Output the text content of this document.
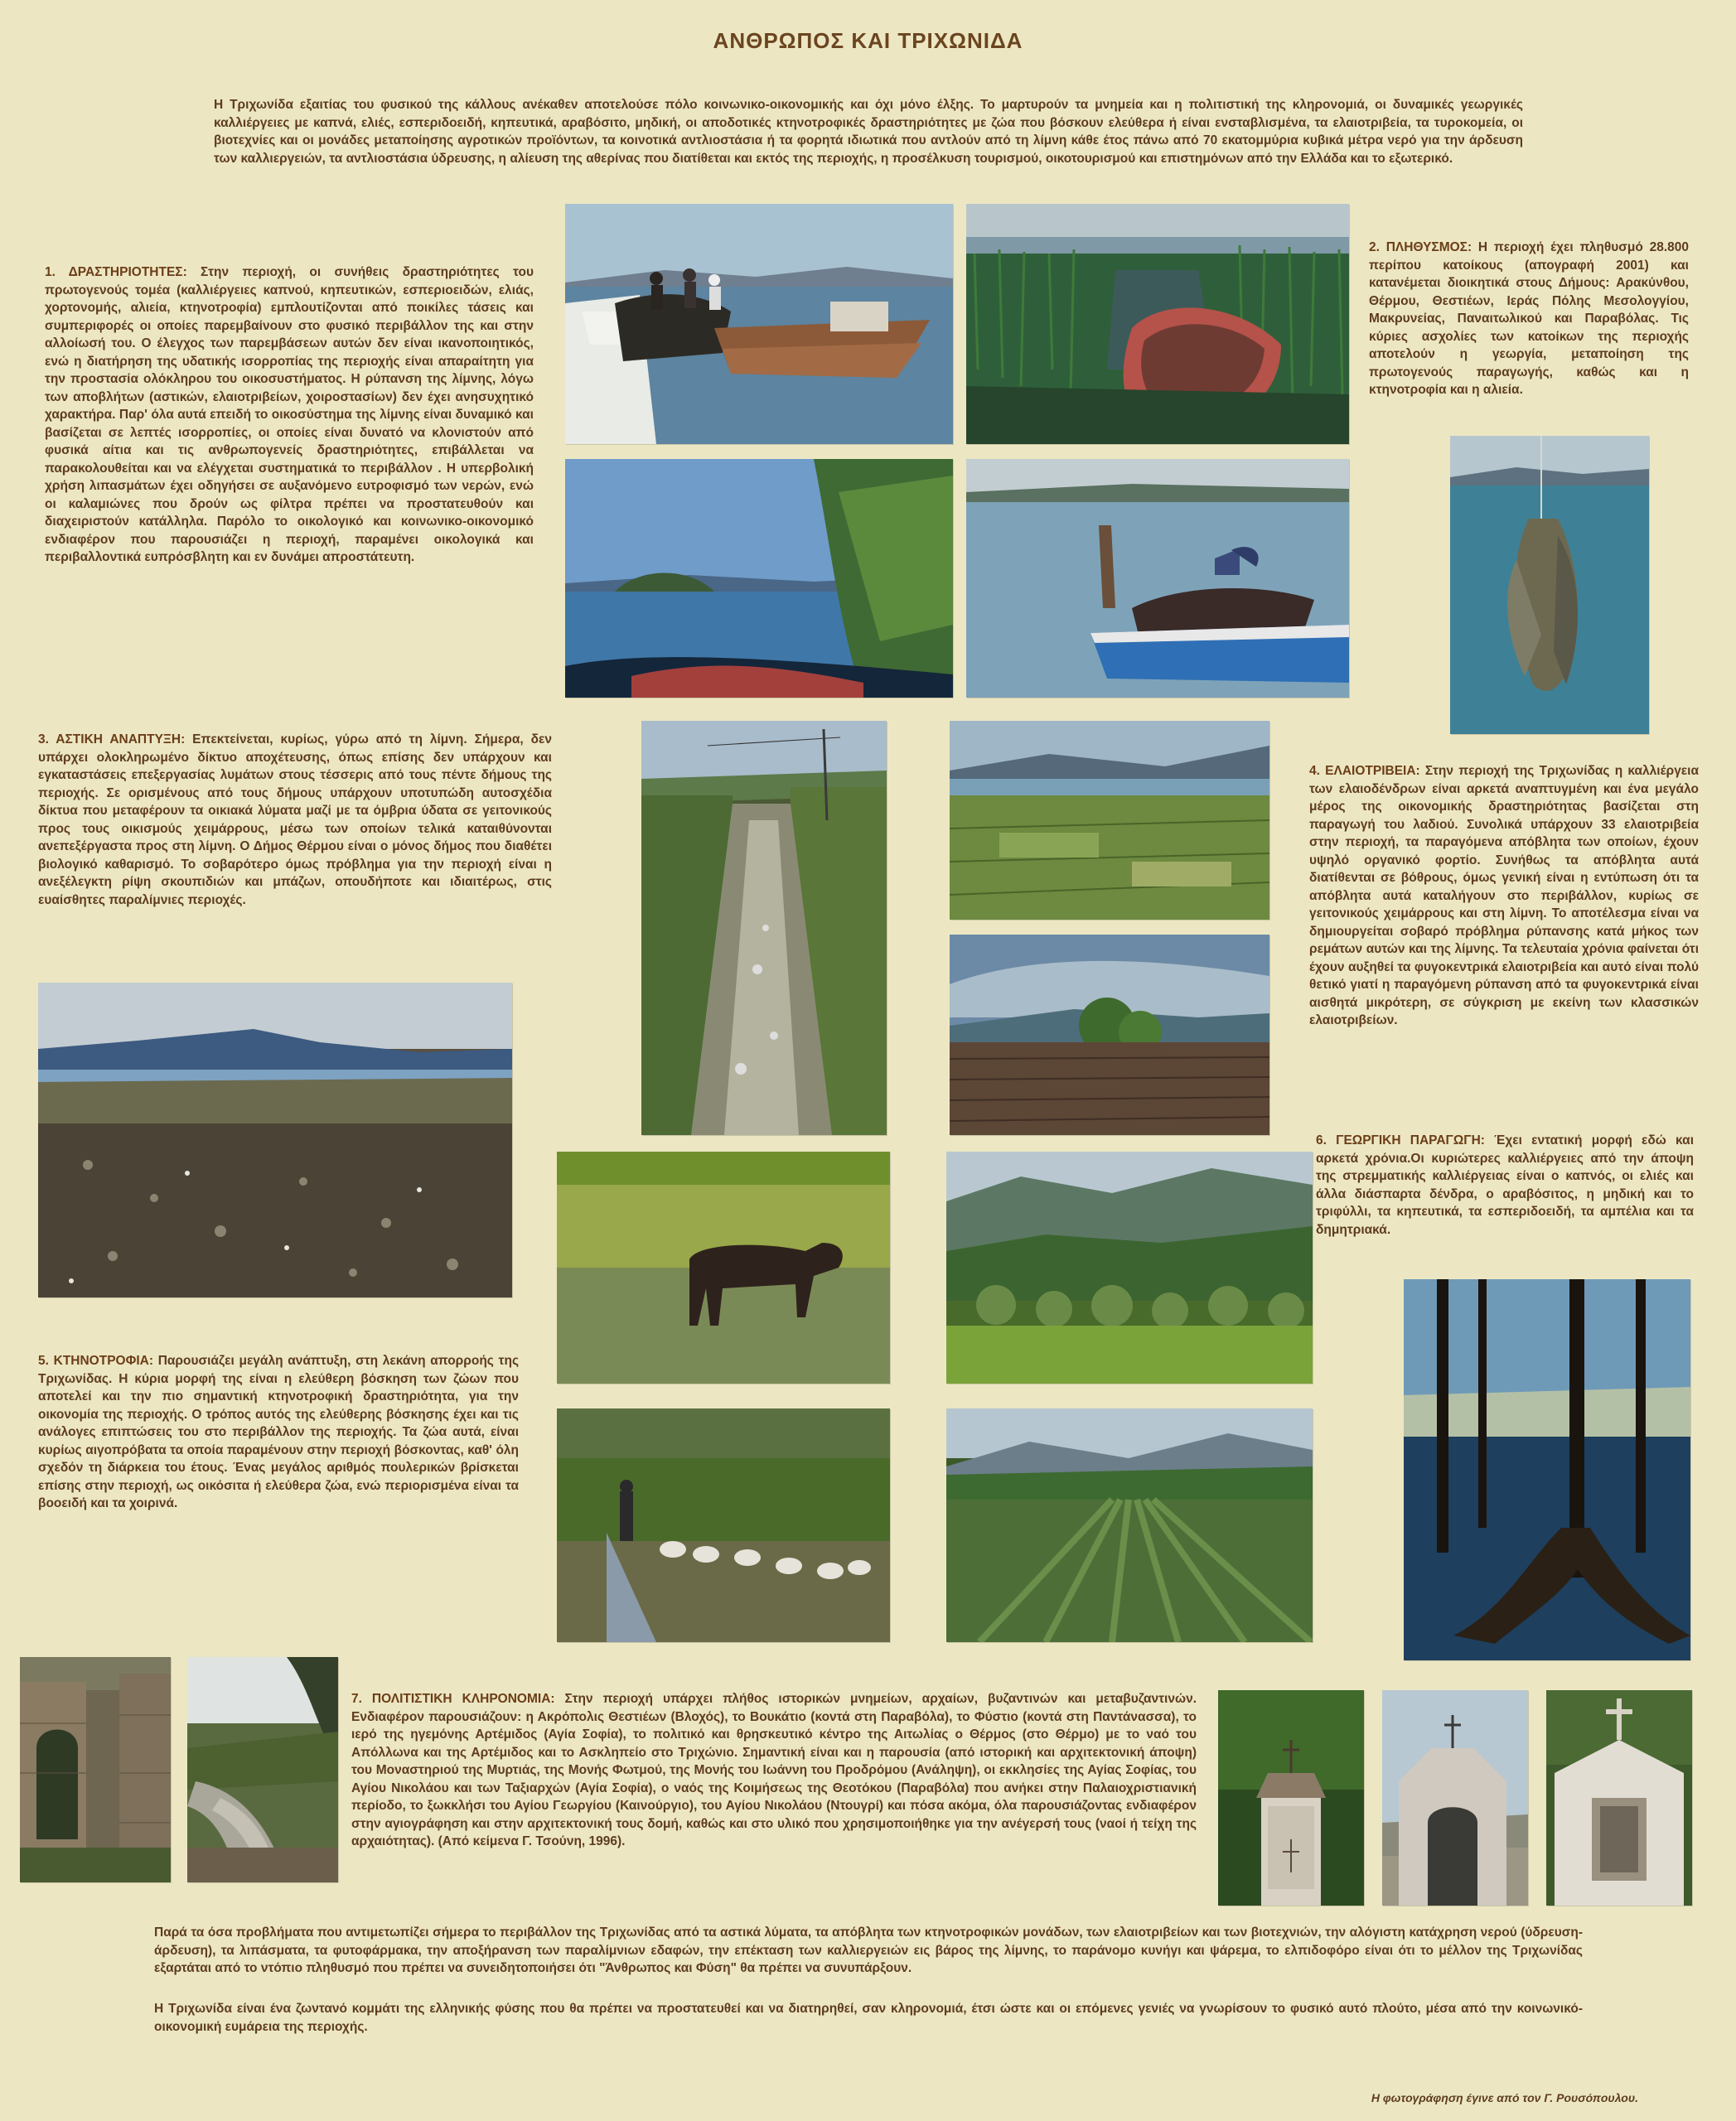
ΑΝΘΡΩΠΟΣ ΚΑΙ ΤΡΙΧΩΝΙΔΑ
Η Τριχωνίδα εξαιτίας του φυσικού της κάλλους ανέκαθεν αποτελούσε πόλο κοινωνικο-οικονομικής και όχι μόνο έλξης. Το μαρτυρούν τα μνημεία και η πολιτιστική της κληρονομιά, οι δυναμικές γεωργικές καλλιέργειες με καπνά, ελιές, εσπεριδοειδή, κηπευτικά, αραβόσιτο, μηδική, οι αποδοτικές κτηνοτροφικές δραστηριότητες με ζώα που βόσκουν ελεύθερα ή είναι ενσταβλισμένα, τα ελαιοτριβεία, τα τυροκομεία, οι βιοτεχνίες και οι μονάδες μεταποίησης αγροτικών προϊόντων, τα κοινοτικά αντλιοστάσια ή τα φορητά ιδιωτικά που αντλούν από τη λίμνη κάθε έτος πάνω από 70 εκατομμύρια κυβικά μέτρα νερό για την άρδευση των καλλιεργειών, τα αντλιοστάσια ύδρευσης, η αλίευση της αθερίνας που διατίθεται και εκτός της περιοχής, η προσέλκυση τουρισμού, οικοτουρισμού και επιστημόνων από την Ελλάδα και το εξωτερικό.
1. ΔΡΑΣΤΗΡΙΟΤΗΤΕΣ: Στην περιοχή, οι συνήθεις δραστηριότητες του πρωτογενούς τομέα (καλλιέργειες καπνού, κηπευτικών, εσπεριοειδών, ελιάς, χορτονομής, αλιεία, κτηνοτροφία) εμπλουτίζονται από ποικίλες τάσεις και συμπεριφορές οι οποίες παρεμβαίνουν στο φυσικό περιβάλλον της και στην αλλοίωσή του. Ο έλεγχος των παρεμβάσεων αυτών δεν είναι ικανοποιητικός, ενώ η διατήρηση της υδατικής ισορροπίας της περιοχής είναι απαραίτητη για την προστασία ολόκληρου του οικοσυστήματος. Η ρύπανση της λίμνης, λόγω των αποβλήτων (αστικών, ελαιοτριβείων, χοιροστασίων) δεν έχει ανησυχητικό χαρακτήρα. Παρ' όλα αυτά επειδή το οικοσύστημα της λίμνης είναι δυναμικό και βασίζεται σε λεπτές ισορροπίες, οι οποίες είναι δυνατό να κλονιστούν από φυσικά αίτια και τις ανθρωπογενείς δραστηριότητες, επιβάλλεται να παρακολουθείται και να ελέγχεται συστηματικά το περιβάλλον . Η υπερβολική χρήση λιπασμάτων έχει οδηγήσει σε αυξανόμενο ευτροφισμό των νερών, ενώ οι καλαμιώνες που δρούν ως φίλτρα πρέπει να προστατευθούν και διαχειριστούν κατάλληλα. Παρόλο το οικολογικό και κοινωνικο-οικονομικό ενδιαφέρον που παρουσιάζει η περιοχή, παραμένει οικολογικά και περιβαλλοντικά ευπρόσβλητη και εν δυνάμει απροστάτευτη.
2. ΠΛΗΘΥΣΜΟΣ: Η περιοχή έχει πληθυσμό 28.800 περίπου κατοίκους (απογραφή 2001) και κατανέμεται διοικητικά στους Δήμους: Αρακύνθου, Θέρμου, Θεστιέων, Ιεράς Πόλης Μεσολογγίου, Μακρυνείας, Παναιτωλικού και Παραβόλας. Τις κύριες ασχολίες των κατοίκων της περιοχής αποτελούν η γεωργία, μεταποίηση της πρωτογενούς παραγωγής, καθώς και η κτηνοτροφία και η αλιεία.
3. ΑΣΤΙΚΗ ΑΝΑΠΤΥΞΗ: Επεκτείνεται, κυρίως, γύρω από τη λίμνη. Σήμερα, δεν υπάρχει ολοκληρωμένο δίκτυο αποχέτευσης, όπως επίσης δεν υπάρχουν και εγκαταστάσεις επεξεργασίας λυμάτων στους τέσσερις από τους πέντε δήμους της περιοχής. Σε ορισμένους από τους δήμους υπάρχουν υποτυπώδη αυτοσχέδια δίκτυα που μεταφέρουν τα οικιακά λύματα μαζί με τα όμβρια ύδατα σε γειτονικούς προς τους οικισμούς χειμάρρους, μέσω των οποίων τελικά καταιθύνονται ανεπεξέργαστα προς στη λίμνη. Ο Δήμος Θέρμου είναι ο μόνος δήμος που διαθέτει βιολογικό καθαρισμό. Το σοβαρότερο όμως πρόβλημα για την περιοχή είναι η ανεξέλεγκτη ρίψη σκουπιδιών και μπάζων, οπουδήποτε και ιδιαιτέρως, στις ευαίσθητες παραλίμνιες περιοχές.
4. ΕΛΑΙΟΤΡΙΒΕΙΑ: Στην περιοχή της Τριχωνίδας η καλλιέργεια των ελαιοδένδρων είναι αρκετά αναπτυγμένη και ένα μεγάλο μέρος της οικονομικής δραστηριότητας βασίζεται στη παραγωγή του λαδιού. Συνολικά υπάρχουν 33 ελαιοτριβεία στην περιοχή, τα παραγόμενα απόβλητα των οποίων, έχουν υψηλό οργανικό φορτίο. Συνήθως τα απόβλητα αυτά διατίθενται σε βόθρους, όμως γενική είναι η εντύπωση ότι τα απόβλητα αυτά καταλήγουν στο περιβάλλον, κυρίως σε γειτονικούς χειμάρρους και στη λίμνη. Το αποτέλεσμα είναι να δημιουργείται σοβαρό πρόβλημα ρύπανσης κατά μήκος των ρεμάτων αυτών και της λίμνης. Τα τελευταία χρόνια φαίνεται ότι έχουν αυξηθεί τα φυγοκεντρικά ελαιοτριβεία και αυτό είναι πολύ θετικό γιατί η παραγόμενη ρύπανση από τα φυγοκεντρικά είναι αισθητά μικρότερη, σε σύγκριση με εκείνη των κλασσικών ελαιοτριβείων.
5. ΚΤΗΝΟΤΡΟΦΙΑ: Παρουσιάζει μεγάλη ανάπτυξη, στη λεκάνη απορροής της Τριχωνίδας. Η κύρια μορφή της είναι η ελεύθερη βόσκηση των ζώων που αποτελεί και την πιο σημαντική κτηνοτροφική δραστηριότητα, για την οικονομία της περιοχής. Ο τρόπος αυτός της ελεύθερης βόσκησης έχει και τις ανάλογες επιπτώσεις του στο περιβάλλον της περιοχής. Τα ζώα αυτά, είναι κυρίως αιγοπρόβατα τα οποία παραμένουν στην περιοχή βόσκοντας, καθ' όλη σχεδόν τη διάρκεια του έτους. Ένας μεγάλος αριθμός πουλερικών βρίσκεται επίσης στην περιοχή, ως οικόσιτα ή ελεύθερα ζώα, ενώ περιορισμένα είναι τα βοοειδή και τα χοιρινά.
6. ΓΕΩΡΓΙΚΗ ΠΑΡΑΓΩΓΗ: Έχει εντατική μορφή εδώ και αρκετά χρόνια.Οι κυριώτερες καλλιέργειες από την άποψη της στρεμματικής καλλιέργειας είναι ο καπνός, οι ελιές και άλλα διάσπαρτα δένδρα, ο αραβόσιτος, η μηδική και το τριφύλλι, τα κηπευτικά, τα εσπεριδοειδή, τα αμπέλια και τα δημητριακά.
7. ΠΟΛΙΤΙΣΤΙΚΗ ΚΛΗΡΟΝΟΜΙΑ: Στην περιοχή υπάρχει πλήθος ιστορικών μνημείων, αρχαίων, βυζαντινών και μεταβυζαντινών. Ενδιαφέρον παρουσιάζουν: η Ακρόπολις Θεστιέων (Βλοχός), το Βουκάτιο (κοντά στη Παραβόλα), το Φύστιο (κοντά στη Παντάνασσα), το ιερό της ηγεμόνης Αρτέμιδος (Αγία Σοφία), το πολιτικό και θρησκευτικό κέντρο της Αιτωλίας ο Θέρμος (στο Θέρμο) με το ναό του Απόλλωνα και της Αρτέμιδος και το Ασκληπείο στο Τριχώνιο. Σημαντική είναι και η παρουσία (από ιστορική και αρχιτεκτονική άποψη) του Μοναστηριού της Μυρτιάς, της Μονής Φωτμού, της Μονής του Ιωάννη του Προδρόμου (Ανάληψη), οι εκκλησίες της Αγίας Σοφίας, του Αγίου Νικολάου και των Ταξιαρχών (Αγία Σοφία), ο ναός της Κοιμήσεως της Θεοτόκου (Παραβόλα) που ανήκει στην Παλαιοχριστιανική περίοδο, το ξωκκλήσι του Αγίου Γεωργίου (Καινούργιο), του Αγίου Νικολάου (Ντουγρί) και πόσα ακόμα, όλα παρουσιάζοντας ενδιαφέρον στην αγιογράφηση και στην αρχιτεκτονική τους δομή, καθώς και στο υλικό που χρησιμοποιήθηκε για την ανέγερσή τους (ναοί ή τείχη της αρχαιότητας). (Από κείμενα Γ. Τσούνη, 1996).
Παρά τα όσα προβλήματα που αντιμετωπίζει σήμερα το περιβάλλον της Τριχωνίδας από τα αστικά λύματα, τα απόβλητα των κτηνοτροφικών μονάδων, των ελαιοτριβείων και των βιοτεχνιών, την αλόγιστη κατάχρηση νερού (ύδρευση-άρδευση), τα λιπάσματα, τα φυτοφάρμακα, την αποξήρανση των παραλίμνιων εδαφών, την επέκταση των καλλιεργειών εις βάρος της λίμνης, το παράνομο κυνήγι και ψάρεμα, το ελπιδοφόρο είναι ότι το μέλλον της Τριχωνίδας εξαρτάται από το ντόπιο πληθυσμό που πρέπει να συνειδητοποιήσει ότι "Άνθρωπος και Φύση" θα πρέπει να συνυπάρξουν.
Η Τριχωνίδα είναι ένα ζωντανό κομμάτι της ελληνικής φύσης που θα πρέπει να προστατευθεί και να διατηρηθεί, σαν κληρονομιά, έτσι ώστε και οι επόμενες γενιές να γνωρίσουν το φυσικό αυτό πλούτο, μέσα από την κοινωνικό-οικονομική ευμάρεια της περιοχής.
Η φωτογράφηση έγινε από τον Γ. Ρουσόπουλου.
